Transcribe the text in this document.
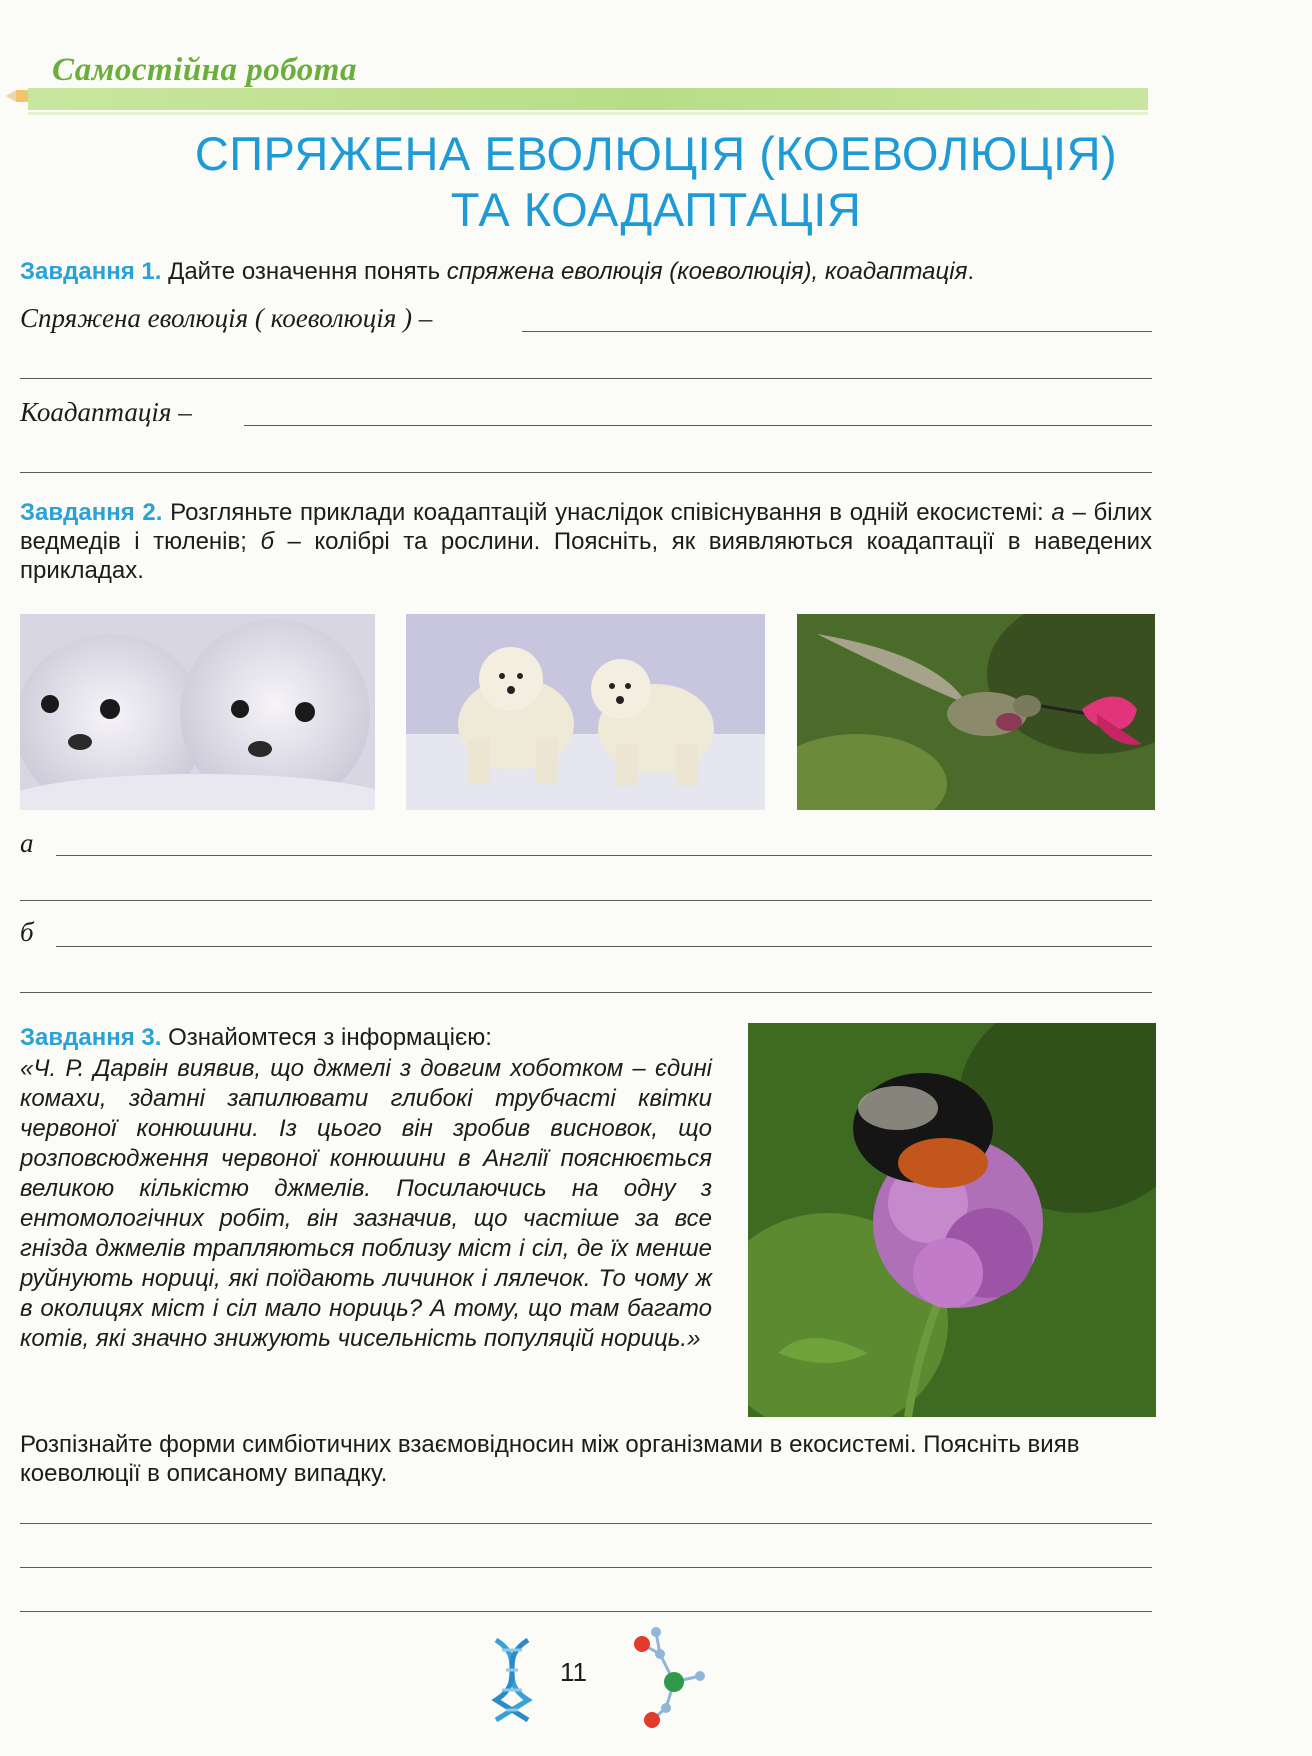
Самостійна робота
СПРЯЖЕНА ЕВОЛЮЦІЯ (КОЕВОЛЮЦІЯ)
ТА КОАДАПТАЦІЯ
Завдання 1. Дайте означення понять спряжена еволюція (коеволюція), коадаптація.
Спряжена еволюція ( коеволюція ) –
Коадаптація –
Завдання 2. Розгляньте приклади коадаптацій унаслідок співіснування в одній екосистемі: а – білих ведмедів і тюленів; б – колібрі та рослини. Поясніть, як виявляються коадаптації в наведених прикладах.
а
б
Завдання 3. Ознайомтеся з інформацією:
«Ч. Р. Дарвін виявив, що джмелі з довгим хоботком – єдині комахи, здатні запилювати глибокі трубчасті квітки червоної конюшини. Із цього він зробив висновок, що розповсюдження червоної конюшини в Англії пояснюється великою кількістю джмелів. Посилаючись на одну з ентомологічних робіт, він зазначив, що частіше за все гнізда джмелів трапляються поблизу міст і сіл, де їх менше руйнують нориці, які поїдають личинок і лялечок. То чому ж в околицях міст і сіл мало нориць? А тому, що там багато котів, які значно знижують чисельність популяцій нориць.»
Розпізнайте форми симбіотичних взаємовідносин між організмами в екосистемі. Поясніть вияв коеволюції в описаному випадку.
11
